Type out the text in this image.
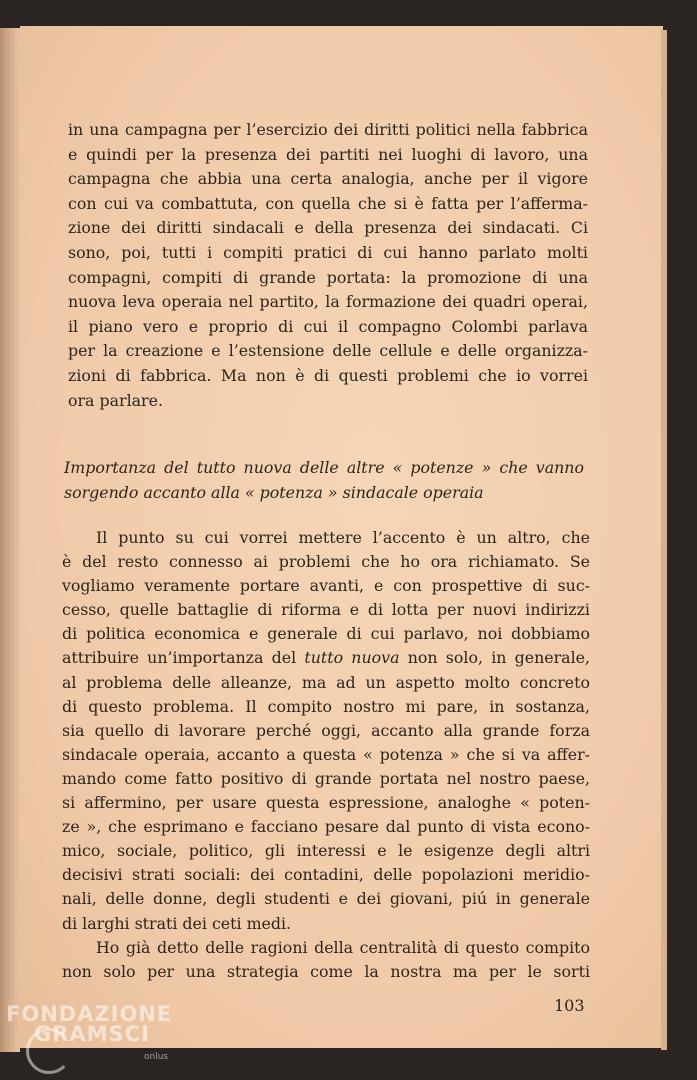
in una campagna per l’esercizio dei diritti politici nella fabbrica
e quindi per la presenza dei partiti nei luoghi di lavoro, una
campagna che abbia una certa analogia, anche per il vigore
con cui va combattuta, con quella che si è fatta per l’afferma-
zione dei diritti sindacali e della presenza dei sindacati. Ci
sono, poi, tutti i compiti pratici di cui hanno parlato molti
compagni, compiti di grande portata: la promozione di una
nuova leva operaia nel partito, la formazione dei quadri operai,
il piano vero e proprio di cui il compagno Colombi parlava
per la creazione e l’estensione delle cellule e delle organizza-
zioni di fabbrica. Ma non è di questi problemi che io vorrei
ora parlare.
Importanza del tutto nuova delle altre « potenze » che vanno
sorgendo accanto alla « potenza » sindacale operaia
Il punto su cui vorrei mettere l’accento è un altro, che
è del resto connesso ai problemi che ho ora richiamato. Se
vogliamo veramente portare avanti, e con prospettive di suc-
cesso, quelle battaglie di riforma e di lotta per nuovi indirizzi
di politica economica e generale di cui parlavo, noi dobbiamo
attribuire un’importanza del tutto nuova non solo, in generale,
al problema delle alleanze, ma ad un aspetto molto concreto
di questo problema. Il compito nostro mi pare, in sostanza,
sia quello di lavorare perché oggi, accanto alla grande forza
sindacale operaia, accanto a questa « potenza » che si va affer-
mando come fatto positivo di grande portata nel nostro paese,
si affermino, per usare questa espressione, analoghe « poten-
ze », che esprimano e facciano pesare dal punto di vista econo-
mico, sociale, politico, gli interessi e le esigenze degli altri
decisivi strati sociali: dei contadini, delle popolazioni meridio-
nali, delle donne, degli studenti e dei giovani, piú in generale
di larghi strati dei ceti medi.
Ho già detto delle ragioni della centralità di questo compito
non solo per una strategia come la nostra ma per le sorti
103
FONDAZIONE
GRAMSCI
onlus
